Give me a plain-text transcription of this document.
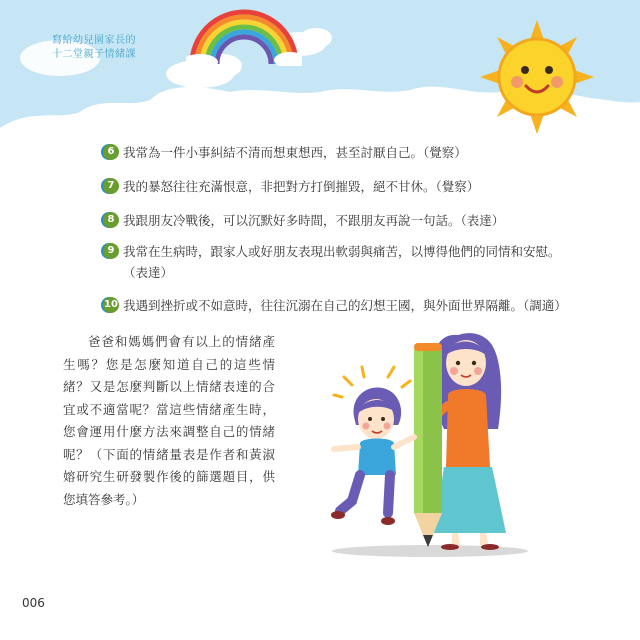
寫給幼兒園家長的
十二堂親子情緒課
6 我常為一件小事糾結不清而想東想西，甚至討厭自己。（覺察）
7 我的暴怒往往充滿恨意，非把對方打倒摧毀，絕不甘休。（覺察）
8 我跟朋友冷戰後，可以沉默好多時間，不跟朋友再說一句話。（表達）
9 我常在生病時，跟家人或好朋友表現出軟弱與痛苦，以博得他們的同情和安慰。（表達）
10 我遇到挫折或不如意時，往往沉溺在自己的幻想王國，與外面世界隔離。（調適）
爸爸和媽媽們會有以上的情緒產生嗎？您是怎麼知道自己的這些情緒？又是怎麼判斷以上情緒表達的合宜或不適當呢？當這些情緒產生時，您會運用什麼方法來調整自己的情緒呢？（下面的情緒量表是作者和黃淑嫆研究生研發製作後的篩選題目，供您填答參考。）
006
